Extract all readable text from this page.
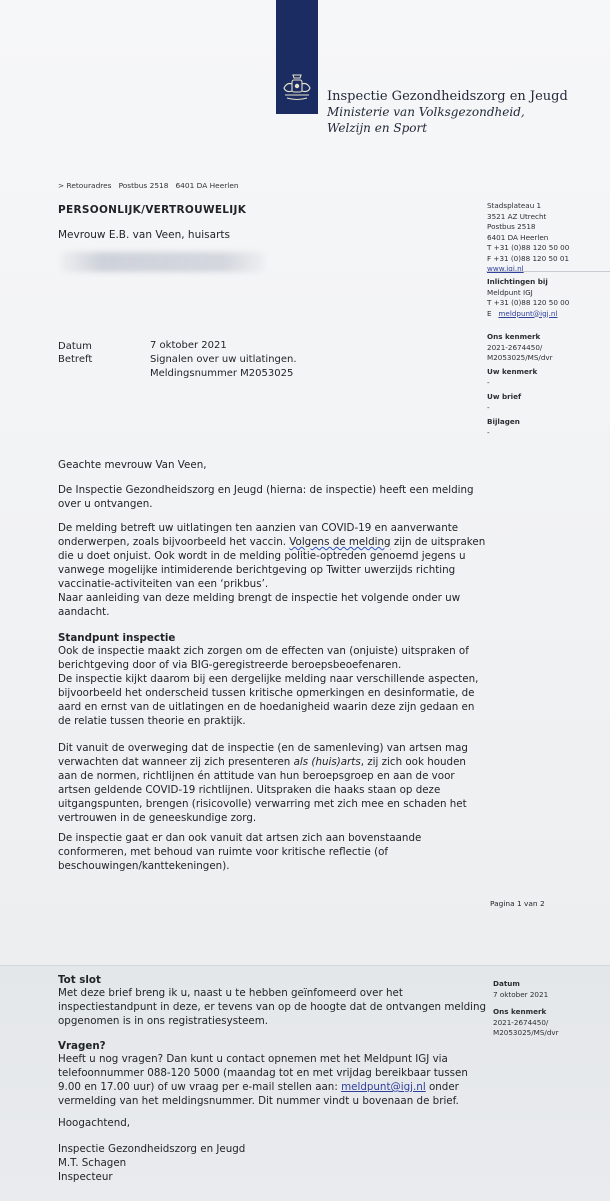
Inspectie Gezondheidszorg en Jeugd
Ministerie van Volksgezondheid,
Welzijn en Sport
> Retouradres   Postbus 2518   6401 DA Heerlen
PERSOONLIJK/VERTROUWELIJK
Mevrouw E.B. van Veen, huisarts
Stadsplateau 1
3521 AZ Utrecht
Postbus 2518
6401 DA Heerlen
T +31 (0)88 120 50 00
F +31 (0)88 120 50 01
www.igj.nl
Inlichtingen bij
Meldpunt IGJ
T +31 (0)88 120 50 00
E meldpunt@igj.nl
Ons kenmerk
2021-2674450/
M2053025/MS/dvr
Uw kenmerk
-
Uw brief
-
Bijlagen
-
Datum
Betreft
7 oktober 2021
Signalen over uw uitlatingen.
Meldingsnummer M2053025
Geachte mevrouw Van Veen,

De Inspectie Gezondheidszorg en Jeugd (hierna: de inspectie) heeft een melding

over u ontvangen.

De melding betreft uw uitlatingen ten aanzien van COVID-19 en aanverwante

onderwerpen, zoals bijvoorbeeld het vaccin. Volgens de melding zijn de uitspraken

die u doet onjuist. Ook wordt in de melding politie-optreden genoemd jegens u

vanwege mogelijke intimiderende berichtgeving op Twitter uwerzijds richting

vaccinatie-activiteiten van een ‘prikbus’.

Naar aanleiding van deze melding brengt de inspectie het volgende onder uw

aandacht.

Standpunt inspectie

Ook de inspectie maakt zich zorgen om de effecten van (onjuiste) uitspraken of

berichtgeving door of via BIG-geregistreerde beroepsbeoefenaren.

De inspectie kijkt daarom bij een dergelijke melding naar verschillende aspecten,

bijvoorbeeld het onderscheid tussen kritische opmerkingen en desinformatie, de

aard en ernst van de uitlatingen en de hoedanigheid waarin deze zijn gedaan en

de relatie tussen theorie en praktijk.

Dit vanuit de overweging dat de inspectie (en de samenleving) van artsen mag

verwachten dat wanneer zij zich presenteren als (huis)arts, zij zich ook houden

aan de normen, richtlijnen én attitude van hun beroepsgroep en aan de voor

artsen geldende COVID-19 richtlijnen. Uitspraken die haaks staan op deze

uitgangspunten, brengen (risicovolle) verwarring met zich mee en schaden het

vertrouwen in de geneeskundige zorg.

De inspectie gaat er dan ook vanuit dat artsen zich aan bovenstaande

conformeren, met behoud van ruimte voor kritische reflectie (of

beschouwingen/kanttekeningen).

Pagina 1 van 2
Tot slot

Met deze brief breng ik u, naast u te hebben geïnfomeerd over het

inspectiestandpunt in deze, er tevens van op de hoogte dat de ontvangen melding

opgenomen is in ons registratiesysteem.

Vragen?

Heeft u nog vragen? Dan kunt u contact opnemen met het Meldpunt IGJ via

telefoonnummer 088-120 5000 (maandag tot en met vrijdag bereikbaar tussen

9.00 en 17.00 uur) of uw vraag per e-mail stellen aan: meldpunt@igj.nl onder

vermelding van het meldingsnummer. Dit nummer vindt u bovenaan de brief.

Hoogachtend,

Inspectie Gezondheidszorg en Jeugd

M.T. Schagen

Inspecteur

Datum
7 oktober 2021
Ons kenmerk
2021-2674450/
M2053025/MS/dvr
